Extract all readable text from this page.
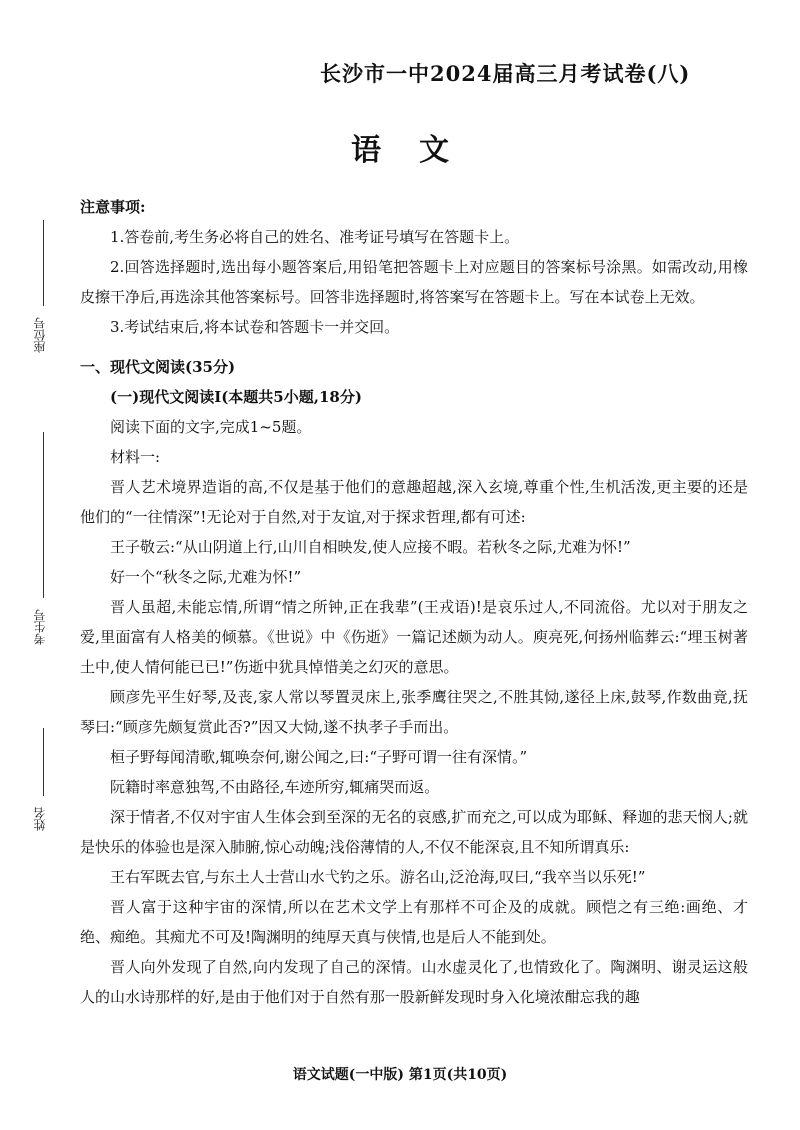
长沙市一中2024届高三月考试卷(八)
语文
座位号
考生号
姓名

注意事项:

1.答卷前,考生务必将自己的姓名、准考证号填写在答题卡上。

2.回答选择题时,选出每小题答案后,用铅笔把答题卡上对应题目的答案标号涂黑。如需改动,用橡皮擦干净后,再选涂其他答案标号。回答非选择题时,将答案写在答题卡上。写在本试卷上无效。

3.考试结束后,将本试卷和答题卡一并交回。

一、现代文阅读(35分)

(一)现代文阅读Ⅰ(本题共5小题,18分)

阅读下面的文字,完成1~5题。

材料一:

晋人艺术境界造诣的高,不仅是基于他们的意趣超越,深入玄境,尊重个性,生机活泼,更主要的还是他们的“一往情深”!无论对于自然,对于友谊,对于探求哲理,都有可述:

王子敬云:“从山阴道上行,山川自相映发,使人应接不暇。若秋冬之际,尤难为怀!”

好一个“秋冬之际,尤难为怀!”

晋人虽超,未能忘情,所谓“情之所钟,正在我辈”(王戎语)!是哀乐过人,不同流俗。尤以对于朋友之爱,里面富有人格美的倾慕。《世说》中《伤逝》一篇记述颇为动人。庾亮死,何扬州临葬云:“埋玉树著土中,使人情何能已已!”伤逝中犹具悼惜美之幻灭的意思。

顾彦先平生好琴,及丧,家人常以琴置灵床上,张季鹰往哭之,不胜其恸,遂径上床,鼓琴,作数曲竟,抚琴曰:“顾彦先颇复赏此否?”因又大恸,遂不执孝子手而出。

桓子野每闻清歌,辄唤奈何,谢公闻之,曰:“子野可谓一往有深情。”

阮籍时率意独驾,不由路径,车迹所穷,辄痛哭而返。

深于情者,不仅对宇宙人生体会到至深的无名的哀感,扩而充之,可以成为耶稣、释迦的悲天悯人;就是快乐的体验也是深入肺腑,惊心动魄;浅俗薄情的人,不仅不能深哀,且不知所谓真乐:

王右军既去官,与东土人士营山水弋钓之乐。游名山,泛沧海,叹曰,“我卒当以乐死!”

晋人富于这种宇宙的深情,所以在艺术文学上有那样不可企及的成就。顾恺之有三绝:画绝、才绝、痴绝。其痴尤不可及!陶渊明的纯厚天真与侠情,也是后人不能到处。

晋人向外发现了自然,向内发现了自己的深情。山水虚灵化了,也情致化了。陶渊明、谢灵运这般人的山水诗那样的好,是由于他们对于自然有那一股新鲜发现时身入化境浓酣忘我的趣

语文试题(一中版) 第1页(共10页)
